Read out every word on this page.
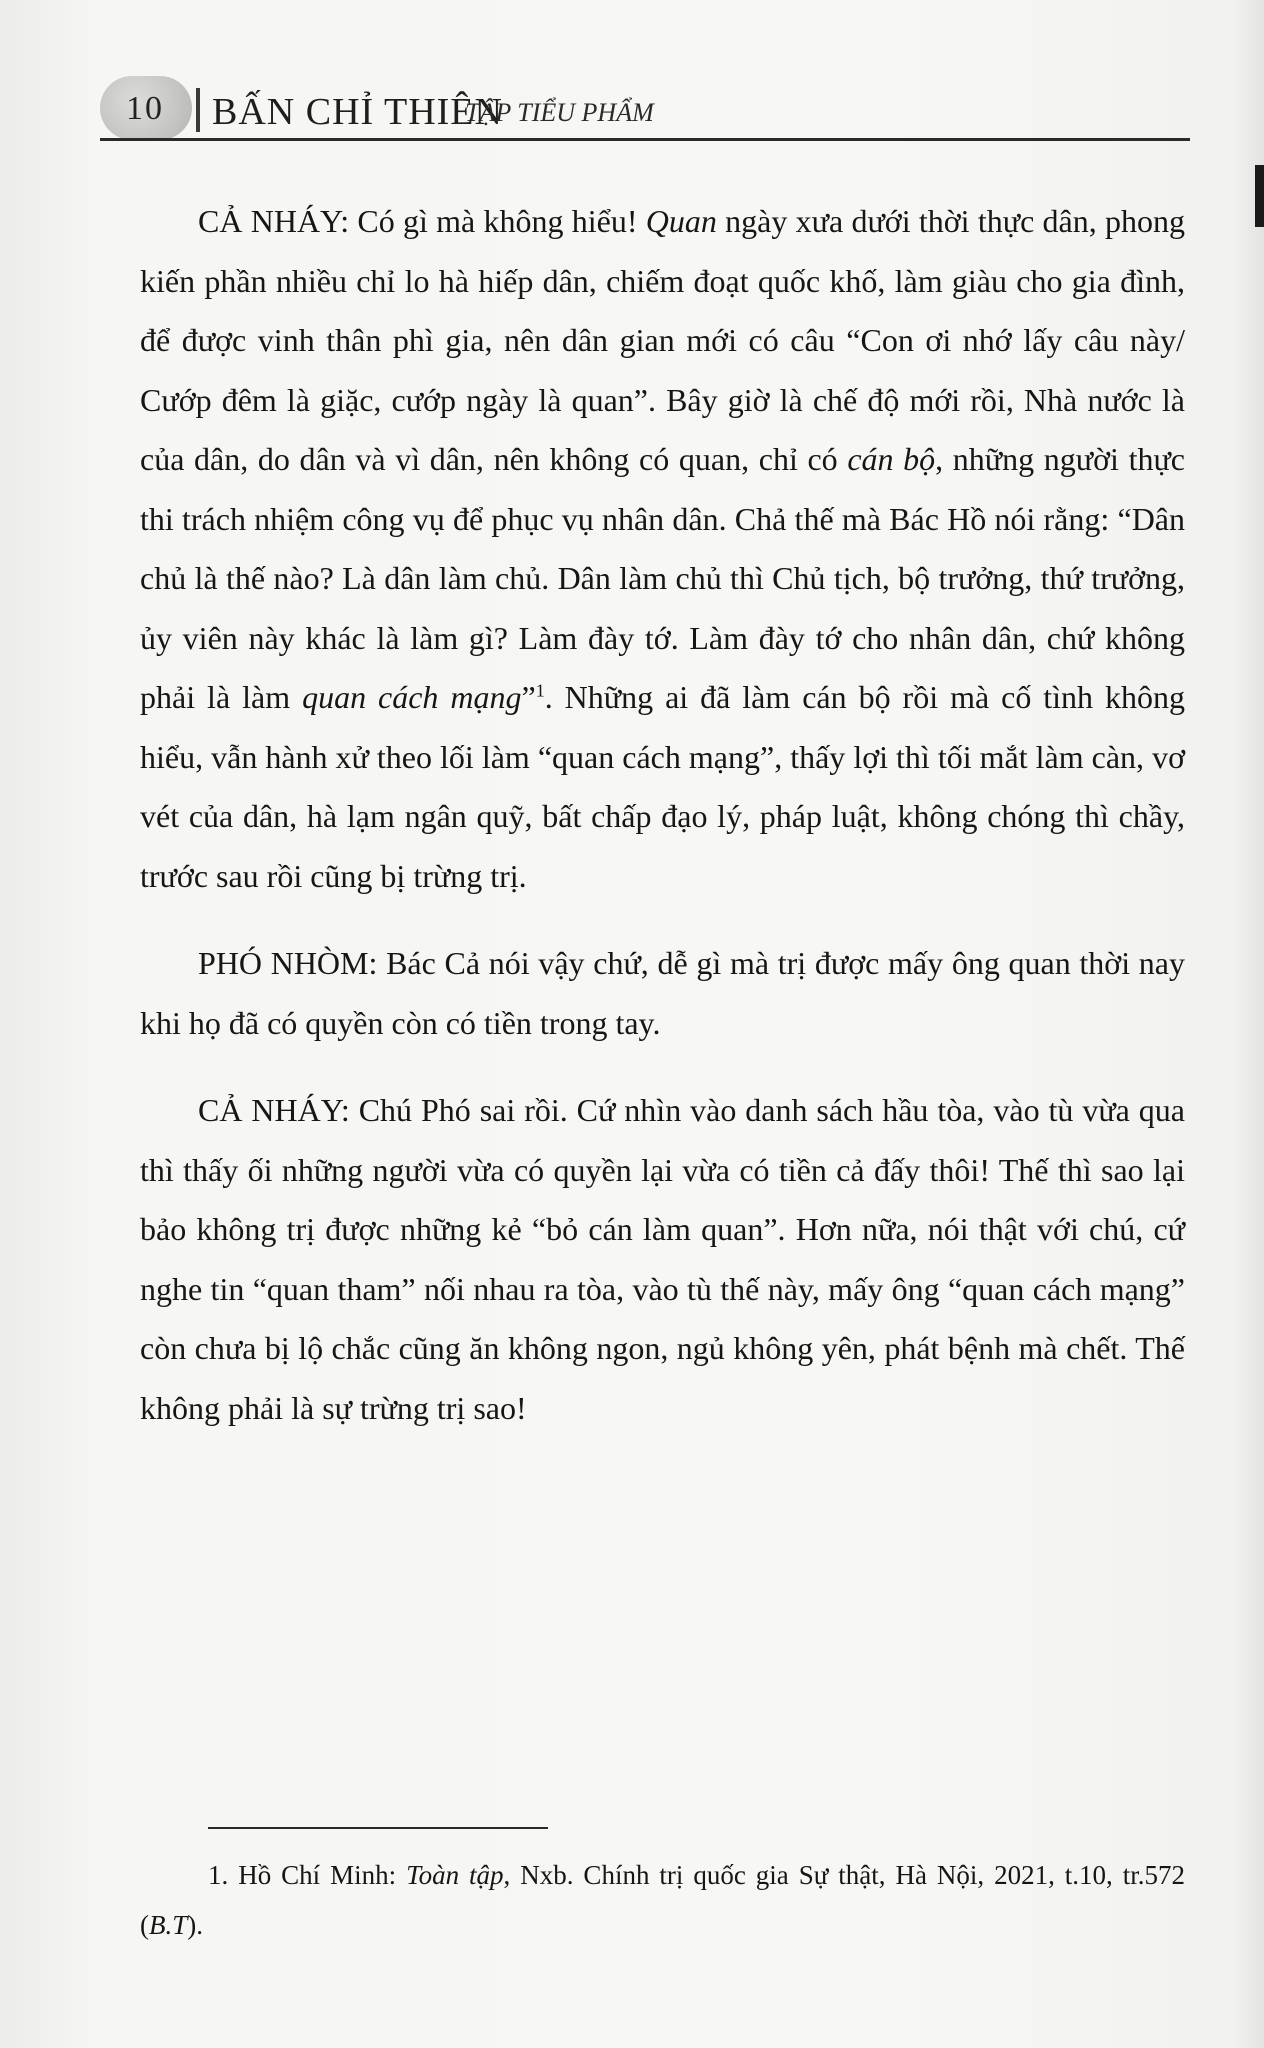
10 BẤN CHỈ THIÊN
TẬP TIỂU PHẨM

CẢ NHÁY: Có gì mà không hiểu! Quan ngày xưa dưới thời thực dân, phong kiến phần nhiều chỉ lo hà hiếp dân, chiếm đoạt quốc khố, làm giàu cho gia đình, để được vinh thân phì gia, nên dân gian mới có câu “Con ơi nhớ lấy câu này/ Cướp đêm là giặc, cướp ngày là quan”. Bây giờ là chế độ mới rồi, Nhà nước là của dân, do dân và vì dân, nên không có quan, chỉ có cán bộ, những người thực thi trách nhiệm công vụ để phục vụ nhân dân. Chả thế mà Bác Hồ nói rằng: “Dân chủ là thế nào? Là dân làm chủ. Dân làm chủ thì Chủ tịch, bộ trưởng, thứ trưởng, ủy viên này khác là làm gì? Làm đày tớ. Làm đày tớ cho nhân dân, chứ không phải là làm quan cách mạng”$^1$. Những ai đã làm cán bộ rồi mà cố tình không hiểu, vẫn hành xử theo lối làm “quan cách mạng”, thấy lợi thì tối mắt làm càn, vơ vét của dân, hà lạm ngân quỹ, bất chấp đạo lý, pháp luật, không chóng thì chầy, trước sau rồi cũng bị trừng trị.

PHÓ NHÒM: Bác Cả nói vậy chứ, dễ gì mà trị được mấy ông quan thời nay khi họ đã có quyền còn có tiền trong tay.

CẢ NHÁY: Chú Phó sai rồi. Cứ nhìn vào danh sách hầu tòa, vào tù vừa qua thì thấy ối những người vừa có quyền lại vừa có tiền cả đấy thôi! Thế thì sao lại bảo không trị được những kẻ “bỏ cán làm quan”. Hơn nữa, nói thật với chú, cứ nghe tin “quan tham” nối nhau ra tòa, vào tù thế này, mấy ông “quan cách mạng” còn chưa bị lộ chắc cũng ăn không ngon, ngủ không yên, phát bệnh mà chết. Thế không phải là sự trừng trị sao!

1. Hồ Chí Minh: Toàn tập, Nxb. Chính trị quốc gia Sự thật, Hà Nội, 2021, t.10, tr.572 (B.T).
